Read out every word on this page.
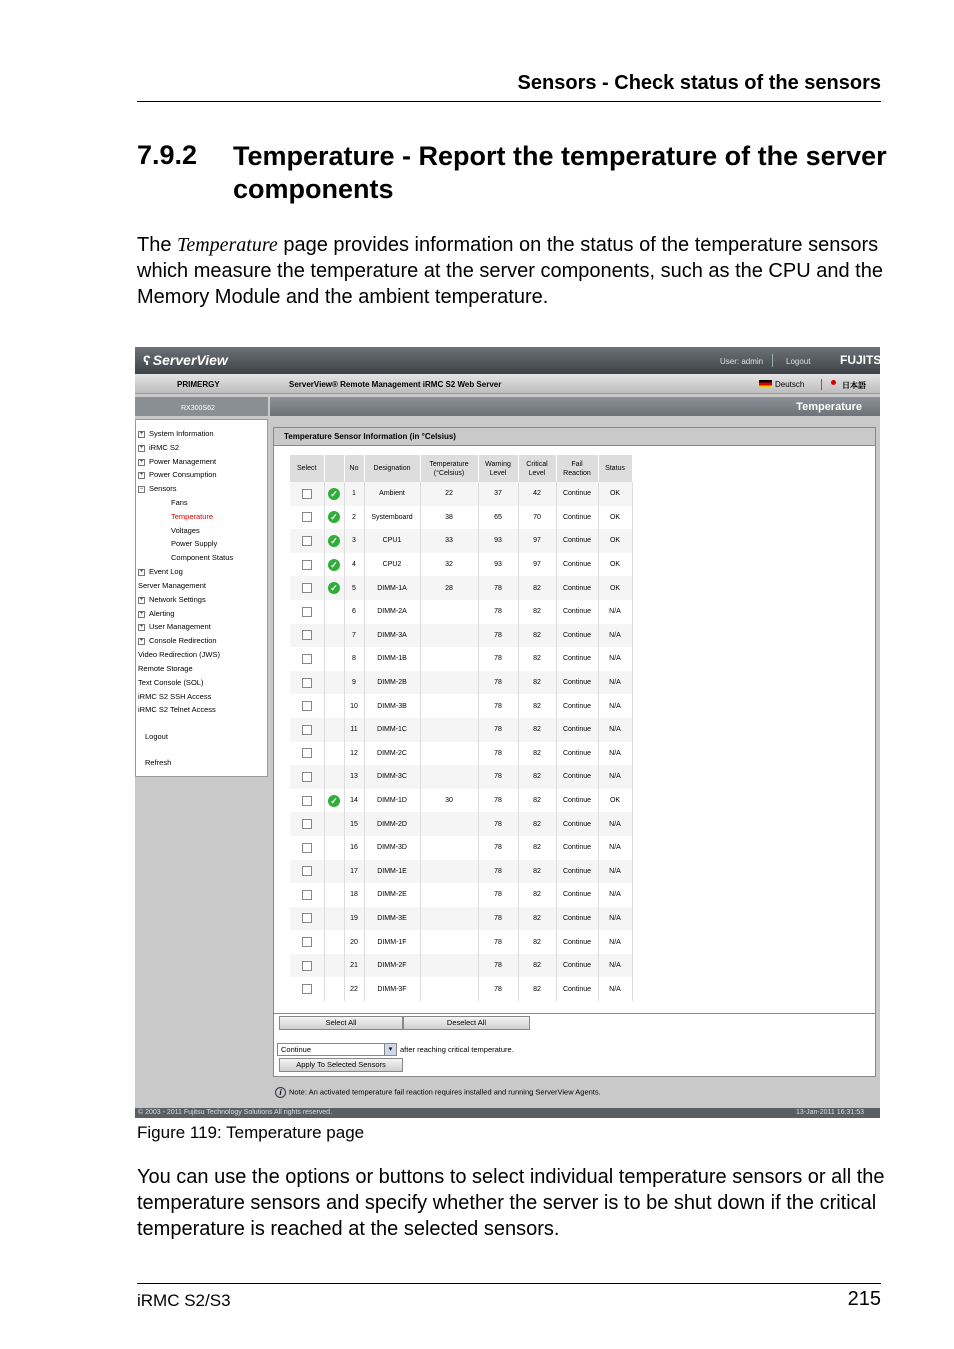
Sensors - Check status of the sensors
7.9.2 Temperature - Report the temperature of the server components

The Temperature page provides information on the status of the temperature sensors which measure the temperature at the server components, such as the CPU and the Memory Module and the ambient temperature.

ʕ ServerView	User: admin	Logout FUJITSU
PRIMERGY	ServerView® Remote Management iRMC S2 Web Server	Deutsch	日本語
RX300S62	Temperature
+ System Information
+ iRMC S2
+ Power Management
+ Power Consumption
− Sensors
Fans
Temperature
Voltages
Power Supply
Component Status
+ Event Log
Server Management
+ Network Settings
+ Alerting
+ User Management
+ Console Redirection
Video Redirection (JWS)
Remote Storage
Text Console (SOL)
iRMC S2 SSH Access
iRMC S2 Telnet Access
Logout
Refresh
Temperature Sensor Information (in °Celsius)
Select		No	Designation	Temperature (°Celsius)	Warning Level	Critical Level	Fail Reaction	Status
	✓	1	Ambient	22	37	42	Continue	OK
	✓	2	Systemboard	38	65	70	Continue	OK
	✓	3	CPU1	33	93	97	Continue	OK
	✓	4	CPU2	32	93	97	Continue	OK
	✓	5	DIMM-1A	28	78	82	Continue	OK
		6	DIMM-2A		78	82	Continue	N/A
		7	DIMM-3A		78	82	Continue	N/A
		8	DIMM-1B		78	82	Continue	N/A
		9	DIMM-2B		78	82	Continue	N/A
		10	DIMM-3B		78	82	Continue	N/A
		11	DIMM-1C		78	82	Continue	N/A
		12	DIMM-2C		78	82	Continue	N/A
		13	DIMM-3C		78	82	Continue	N/A
	✓	14	DIMM-1D	30	78	82	Continue	OK
		15	DIMM-2D		78	82	Continue	N/A
		16	DIMM-3D		78	82	Continue	N/A
		17	DIMM-1E		78	82	Continue	N/A
		18	DIMM-2E		78	82	Continue	N/A
		19	DIMM-3E		78	82	Continue	N/A
		20	DIMM-1F		78	82	Continue	N/A
		21	DIMM-2F		78	82	Continue	N/A
		22	DIMM-3F		78	82	Continue	N/A
Select All	Deselect All
Continue	▾	after reaching critical temperature.
Apply To Selected Sensors
i Note: An activated temperature fail reaction requires installed and running ServerView Agents.
© 2003 - 2011 Fujitsu Technology Solutions All rights reserved.	13-Jan-2011 16:31:53
Figure 119: Temperature page

You can use the options or buttons to select individual temperature sensors or all the temperature sensors and specify whether the server is to be shut down if the critical temperature is reached at the selected sensors.

iRMC S2/S3	215
